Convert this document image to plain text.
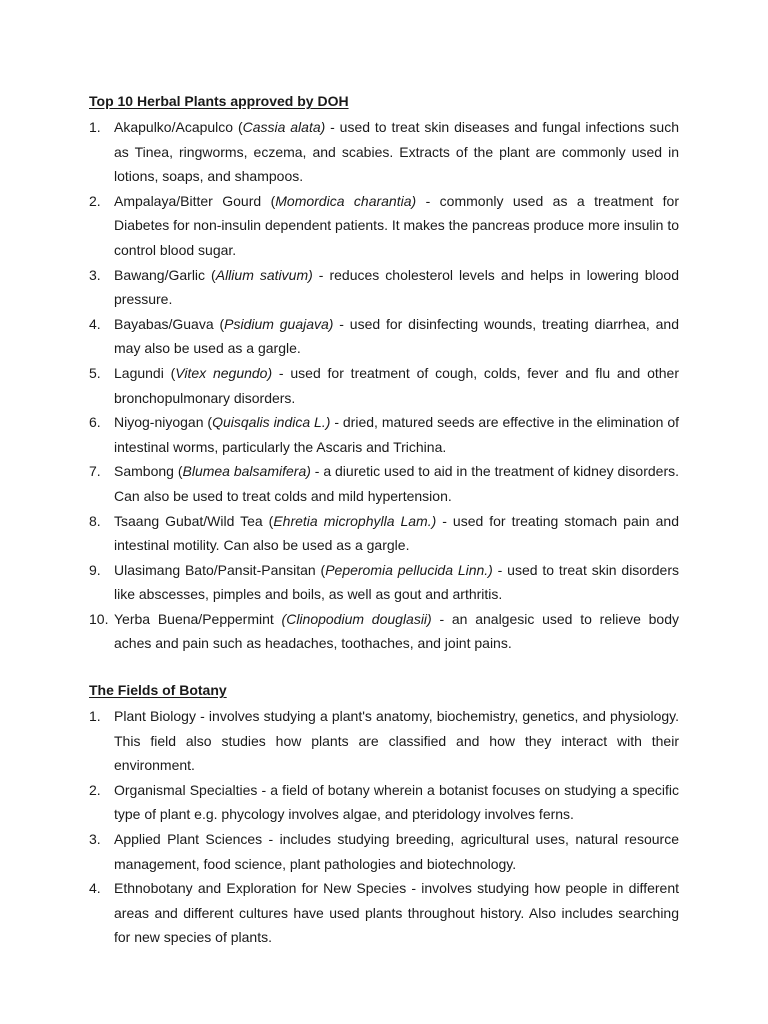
Top 10 Herbal Plants approved by DOH
1. Akapulko/Acapulco (Cassia alata) - used to treat skin diseases and fungal infections such as Tinea, ringworms, eczema, and scabies. Extracts of the plant are commonly used in lotions, soaps, and shampoos.
2. Ampalaya/Bitter Gourd (Momordica charantia) - commonly used as a treatment for Diabetes for non-insulin dependent patients. It makes the pancreas produce more insulin to control blood sugar.
3. Bawang/Garlic (Allium sativum) - reduces cholesterol levels and helps in lowering blood pressure.
4. Bayabas/Guava (Psidium guajava) - used for disinfecting wounds, treating diarrhea, and may also be used as a gargle.
5. Lagundi (Vitex negundo) - used for treatment of cough, colds, fever and flu and other bronchopulmonary disorders.
6. Niyog-niyogan (Quisqalis indica L.) - dried, matured seeds are effective in the elimination of intestinal worms, particularly the Ascaris and Trichina.
7. Sambong (Blumea balsamifera) - a diuretic used to aid in the treatment of kidney disorders. Can also be used to treat colds and mild hypertension.
8. Tsaang Gubat/Wild Tea (Ehretia microphylla Lam.) - used for treating stomach pain and intestinal motility. Can also be used as a gargle.
9. Ulasimang Bato/Pansit-Pansitan (Peperomia pellucida Linn.) - used to treat skin disorders like abscesses, pimples and boils, as well as gout and arthritis.
10. Yerba Buena/Peppermint (Clinopodium douglasii) - an analgesic used to relieve body aches and pain such as headaches, toothaches, and joint pains.
The Fields of Botany
1. Plant Biology - involves studying a plant's anatomy, biochemistry, genetics, and physiology. This field also studies how plants are classified and how they interact with their environment.
2. Organismal Specialties - a field of botany wherein a botanist focuses on studying a specific type of plant e.g. phycology involves algae, and pteridology involves ferns.
3. Applied Plant Sciences - includes studying breeding, agricultural uses, natural resource management, food science, plant pathologies and biotechnology.
4. Ethnobotany and Exploration for New Species - involves studying how people in different areas and different cultures have used plants throughout history. Also includes searching for new species of plants.
